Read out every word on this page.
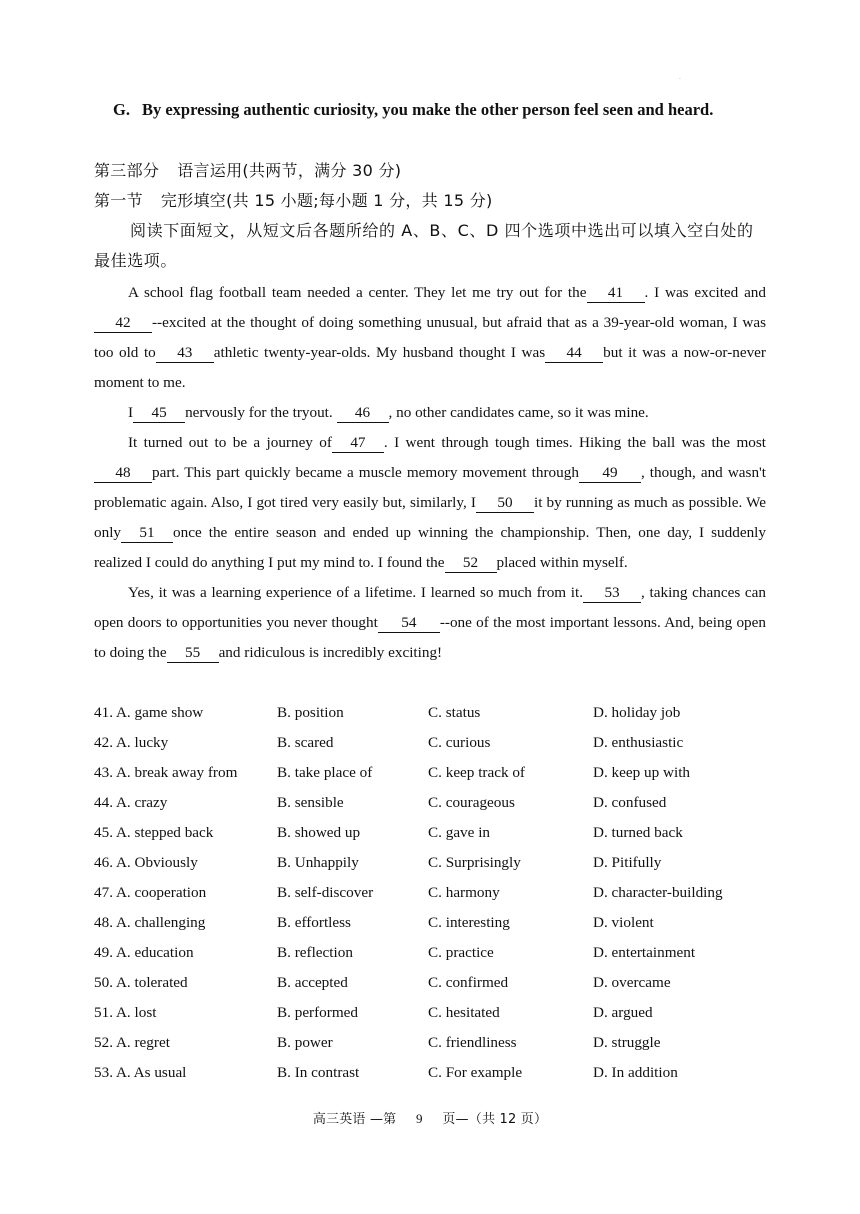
·
G. By expressing authentic curiosity, you make the other person feel seen and heard.
第三部分 语言运用(共两节，满分 30 分)
第一节 完形填空(共 15 小题;每小题 1 分，共 15 分)
阅读下面短文，从短文后各题所给的 A、B、C、D 四个选项中选出可以填入空白处的最佳选项。

A school flag football team needed a center. They let me try out for the 41 . I was excited and42 --excited at the thought of doing something unusual, but afraid that as a 39-year-old woman, I was too old to 43 athletic twenty-year-olds. My husband thought I was 44 but it was a now-or-never moment to me.

I 45 nervously for the tryout. 46 , no other candidates came, so it was mine.

It turned out to be a journey of 47 . I went through tough times. Hiking the ball was the most48 part. This part quickly became a muscle memory movement through 49 , though, and wasn't problematic again. Also, I got tired very easily but, similarly, I 50 it by running as much as possible. We only 51 once the entire season and ended up winning the championship. Then, one day, I suddenly realized I could do anything I put my mind to. I found the 52 placed within myself.

Yes, it was a learning experience of a lifetime. I learned so much from it. 53 , taking chances can open doors to opportunities you never thought 54 --one of the most important lessons. And, being open to doing the 55 and ridiculous is incredibly exciting!

41. A. game show	B. position	C. status	D. holiday job
42. A. lucky	B. scared	C. curious	D. enthusiastic
43. A. break away from	B. take place of	C. keep track of	D. keep up with
44. A. crazy	B. sensible	C. courageous	D. confused
45. A. stepped back	B. showed up	C. gave in	D. turned back
46. A. Obviously	B. Unhappily	C. Surprisingly	D. Pitifully
47. A. cooperation	B. self-discover	C. harmony	D. character-building
48. A. challenging	B. effortless	C. interesting	D. violent
49. A. education	B. reflection	C. practice	D. entertainment
50. A. tolerated	B. accepted	C. confirmed	D. overcame
51. A. lost	B. performed	C. hesitated	D. argued
52. A. regret	B. power	C. friendliness	D. struggle
53. A. As usual	B. In contrast	C. For example	D. In addition
高三英语 —第 9 页—（共 12 页）
